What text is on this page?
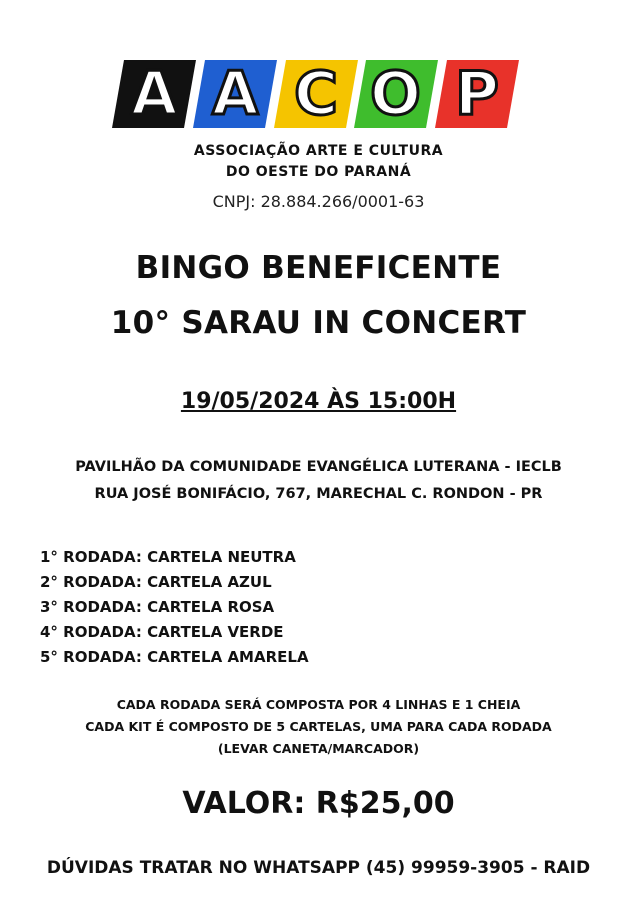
A A C O P
ASSOCIAÇÃO ARTE E CULTURA
DO OESTE DO PARANÁ
CNPJ: 28.884.266/0001-63
BINGO BENEFICENTE
10° SARAU IN CONCERT
19/05/2024 ÀS 15:00H
PAVILHÃO DA COMUNIDADE EVANGÉLICA LUTERANA - IECLB
RUA JOSÉ BONIFÁCIO, 767, MARECHAL C. RONDON - PR
1° RODADA: CARTELA NEUTRA
2° RODADA: CARTELA AZUL
3° RODADA: CARTELA ROSA
4° RODADA: CARTELA VERDE
5° RODADA: CARTELA AMARELA
CADA RODADA SERÁ COMPOSTA POR 4 LINHAS E 1 CHEIA
CADA KIT É COMPOSTO DE 5 CARTELAS, UMA PARA CADA RODADA
(LEVAR CANETA/MARCADOR)
VALOR: R$25,00
DÚVIDAS TRATAR NO WHATSAPP (45) 99959-3905 - RAID
